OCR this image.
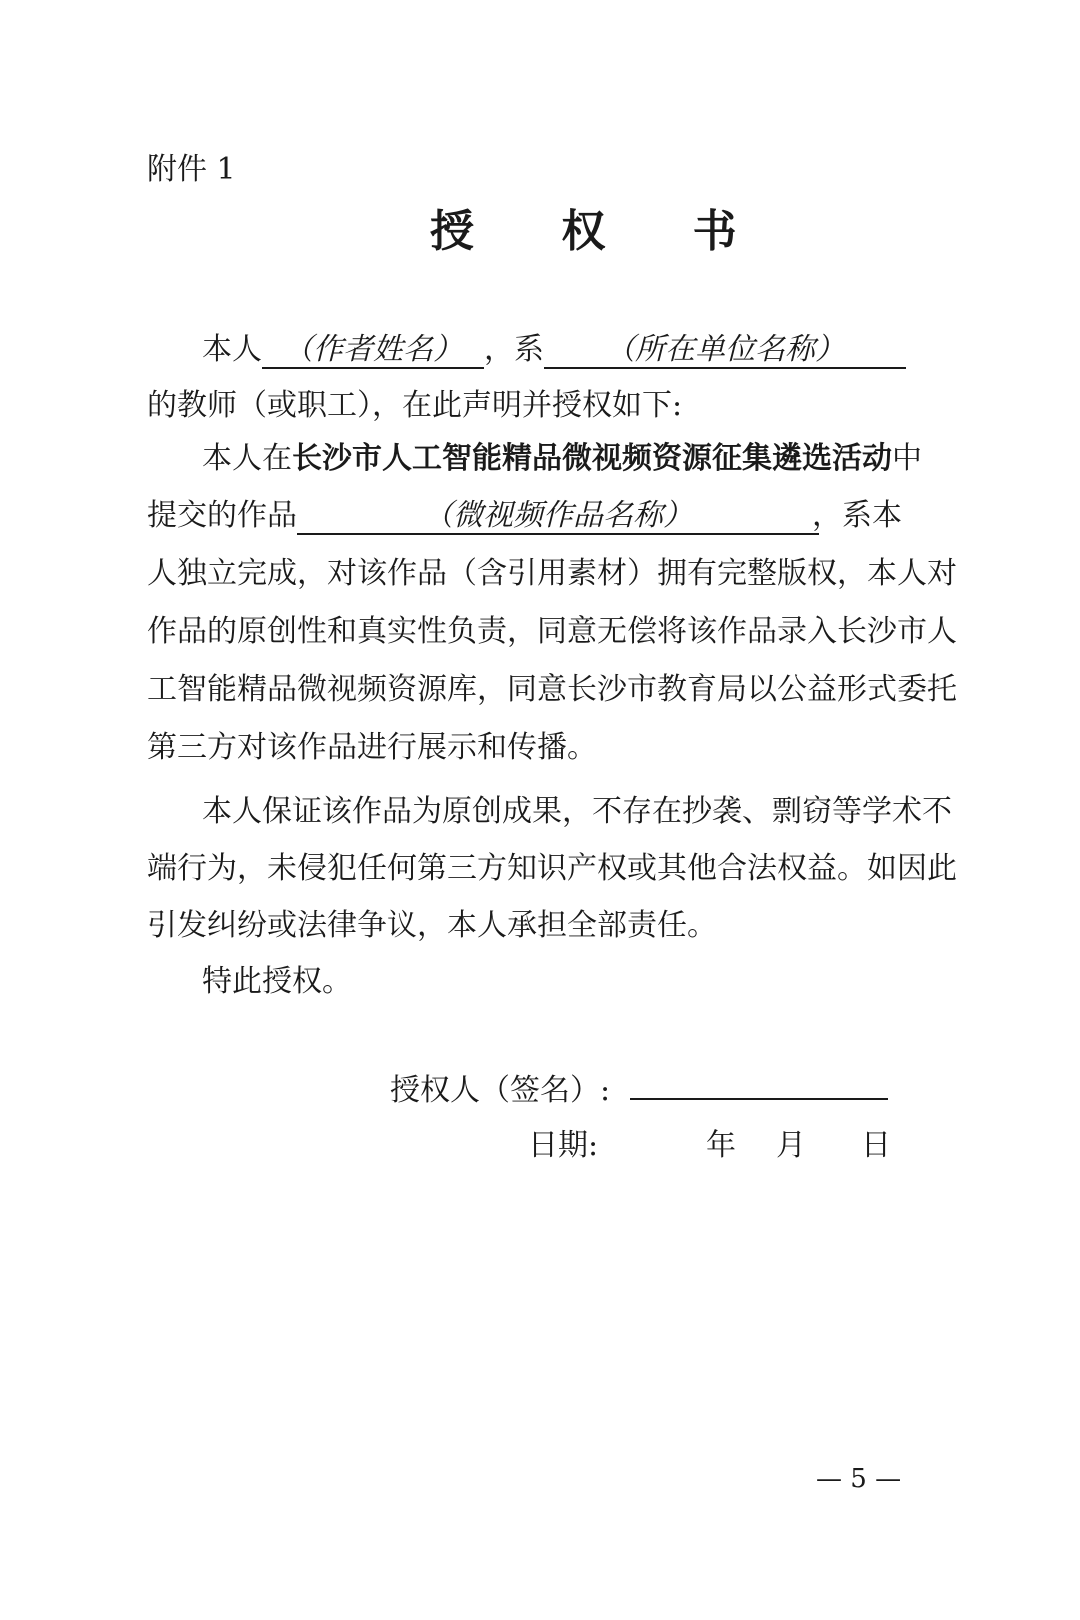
附件 1
授 权 书
本人 （作者姓名） ，系 （所在单位名称）
的教师（或职工），在此声明并授权如下:
本人在长沙市人工智能精品微视频资源征集遴选活动中
提交的作品	（微视频作品名称）	，系本
人独立完成，对该作品（含引用素材）拥有完整版权，本人对
作品的原创性和真实性负责，同意无偿将该作品录入长沙市人
工智能精品微视频资源库，同意长沙市教育局以公益形式委托
第三方对该作品进行展示和传播。
本人保证该作品为原创成果，不存在抄袭、剽窃等学术不
端行为，未侵犯任何第三方知识产权或其他合法权益。如因此
引发纠纷或法律争议，本人承担全部责任。
特此授权。
授权人（签名）:
日期:	年 月 日
— 5 —
